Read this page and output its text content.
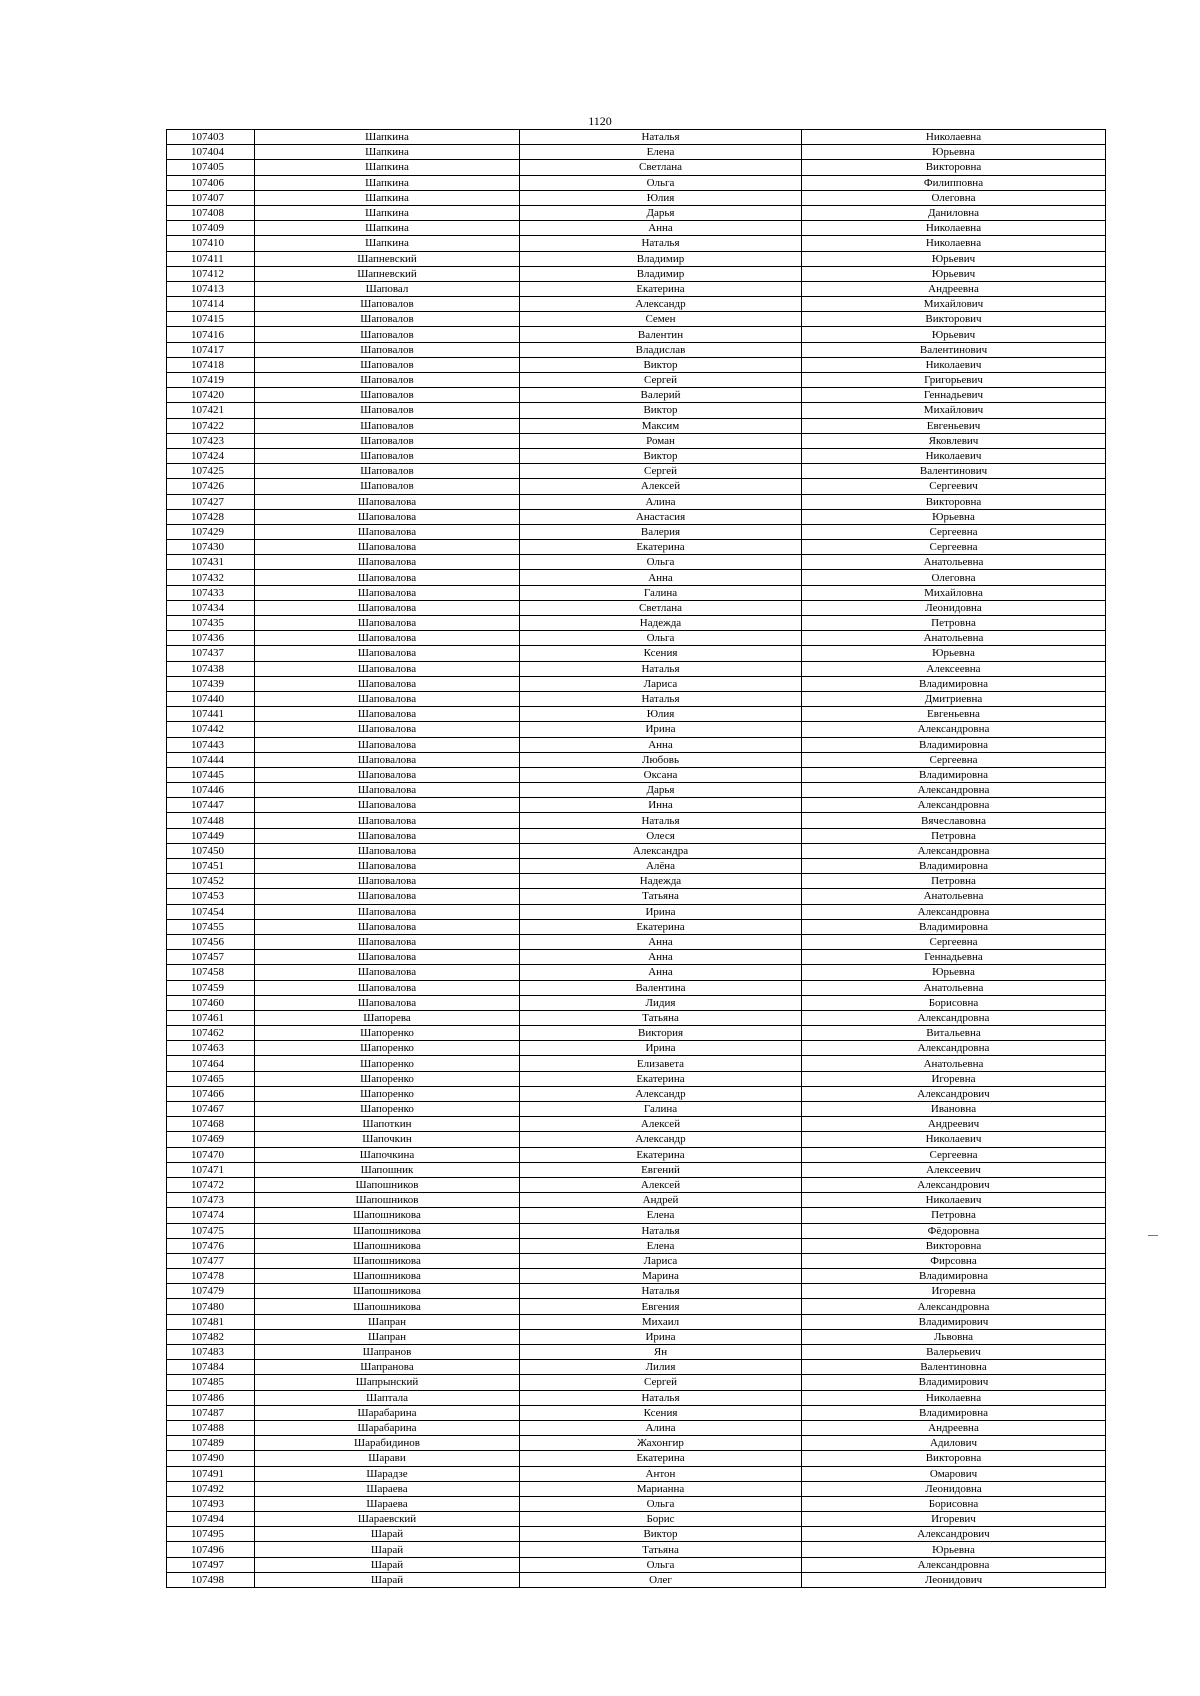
1120
107403	Шапкина	Наталья	Николаевна
107404	Шапкина	Елена	Юрьевна
107405	Шапкина	Светлана	Викторовна
107406	Шапкина	Ольга	Филипповна
107407	Шапкина	Юлия	Олеговна
107408	Шапкина	Дарья	Даниловна
107409	Шапкина	Анна	Николаевна
107410	Шапкина	Наталья	Николаевна
107411	Шапневский	Владимир	Юрьевич
107412	Шапневский	Владимир	Юрьевич
107413	Шаповал	Екатерина	Андреевна
107414	Шаповалов	Александр	Михайлович
107415	Шаповалов	Семен	Викторович
107416	Шаповалов	Валентин	Юрьевич
107417	Шаповалов	Владислав	Валентинович
107418	Шаповалов	Виктор	Николаевич
107419	Шаповалов	Сергей	Григорьевич
107420	Шаповалов	Валерий	Геннадьевич
107421	Шаповалов	Виктор	Михайлович
107422	Шаповалов	Максим	Евгеньевич
107423	Шаповалов	Роман	Яковлевич
107424	Шаповалов	Виктор	Николаевич
107425	Шаповалов	Сергей	Валентинович
107426	Шаповалов	Алексей	Сергеевич
107427	Шаповалова	Алина	Викторовна
107428	Шаповалова	Анастасия	Юрьевна
107429	Шаповалова	Валерия	Сергеевна
107430	Шаповалова	Екатерина	Сергеевна
107431	Шаповалова	Ольга	Анатольевна
107432	Шаповалова	Анна	Олеговна
107433	Шаповалова	Галина	Михайловна
107434	Шаповалова	Светлана	Леонидовна
107435	Шаповалова	Надежда	Петровна
107436	Шаповалова	Ольга	Анатольевна
107437	Шаповалова	Ксения	Юрьевна
107438	Шаповалова	Наталья	Алексеевна
107439	Шаповалова	Лариса	Владимировна
107440	Шаповалова	Наталья	Дмитриевна
107441	Шаповалова	Юлия	Евгеньевна
107442	Шаповалова	Ирина	Александровна
107443	Шаповалова	Анна	Владимировна
107444	Шаповалова	Любовь	Сергеевна
107445	Шаповалова	Оксана	Владимировна
107446	Шаповалова	Дарья	Александровна
107447	Шаповалова	Инна	Александровна
107448	Шаповалова	Наталья	Вячеславовна
107449	Шаповалова	Олеся	Петровна
107450	Шаповалова	Александра	Александровна
107451	Шаповалова	Алёна	Владимировна
107452	Шаповалова	Надежда	Петровна
107453	Шаповалова	Татьяна	Анатольевна
107454	Шаповалова	Ирина	Александровна
107455	Шаповалова	Екатерина	Владимировна
107456	Шаповалова	Анна	Сергеевна
107457	Шаповалова	Анна	Геннадьевна
107458	Шаповалова	Анна	Юрьевна
107459	Шаповалова	Валентина	Анатольевна
107460	Шаповалова	Лидия	Борисовна
107461	Шапорева	Татьяна	Александровна
107462	Шапоренко	Виктория	Витальевна
107463	Шапоренко	Ирина	Александровна
107464	Шапоренко	Елизавета	Анатольевна
107465	Шапоренко	Екатерина	Игоревна
107466	Шапоренко	Александр	Александрович
107467	Шапоренко	Галина	Ивановна
107468	Шапоткин	Алексей	Андреевич
107469	Шапочкин	Александр	Николаевич
107470	Шапочкина	Екатерина	Сергеевна
107471	Шапошник	Евгений	Алексеевич
107472	Шапошников	Алексей	Александрович
107473	Шапошников	Андрей	Николаевич
107474	Шапошникова	Елена	Петровна
107475	Шапошникова	Наталья	Фёдоровна
107476	Шапошникова	Елена	Викторовна
107477	Шапошникова	Лариса	Фирсовна
107478	Шапошникова	Марина	Владимировна
107479	Шапошникова	Наталья	Игоревна
107480	Шапошникова	Евгения	Александровна
107481	Шапран	Михаил	Владимирович
107482	Шапран	Ирина	Львовна
107483	Шапранов	Ян	Валерьевич
107484	Шапранова	Лилия	Валентиновна
107485	Шапрынский	Сергей	Владимирович
107486	Шаптала	Наталья	Николаевна
107487	Шарабарина	Ксения	Владимировна
107488	Шарабарина	Алина	Андреевна
107489	Шарабидинов	Жахонгир	Адилович
107490	Шарави	Екатерина	Викторовна
107491	Шарадзе	Антон	Омарович
107492	Шараева	Марианна	Леонидовна
107493	Шараева	Ольга	Борисовна
107494	Шараевский	Борис	Игоревич
107495	Шарай	Виктор	Александрович
107496	Шарай	Татьяна	Юрьевна
107497	Шарай	Ольга	Александровна
107498	Шарай	Олег	Леонидович
